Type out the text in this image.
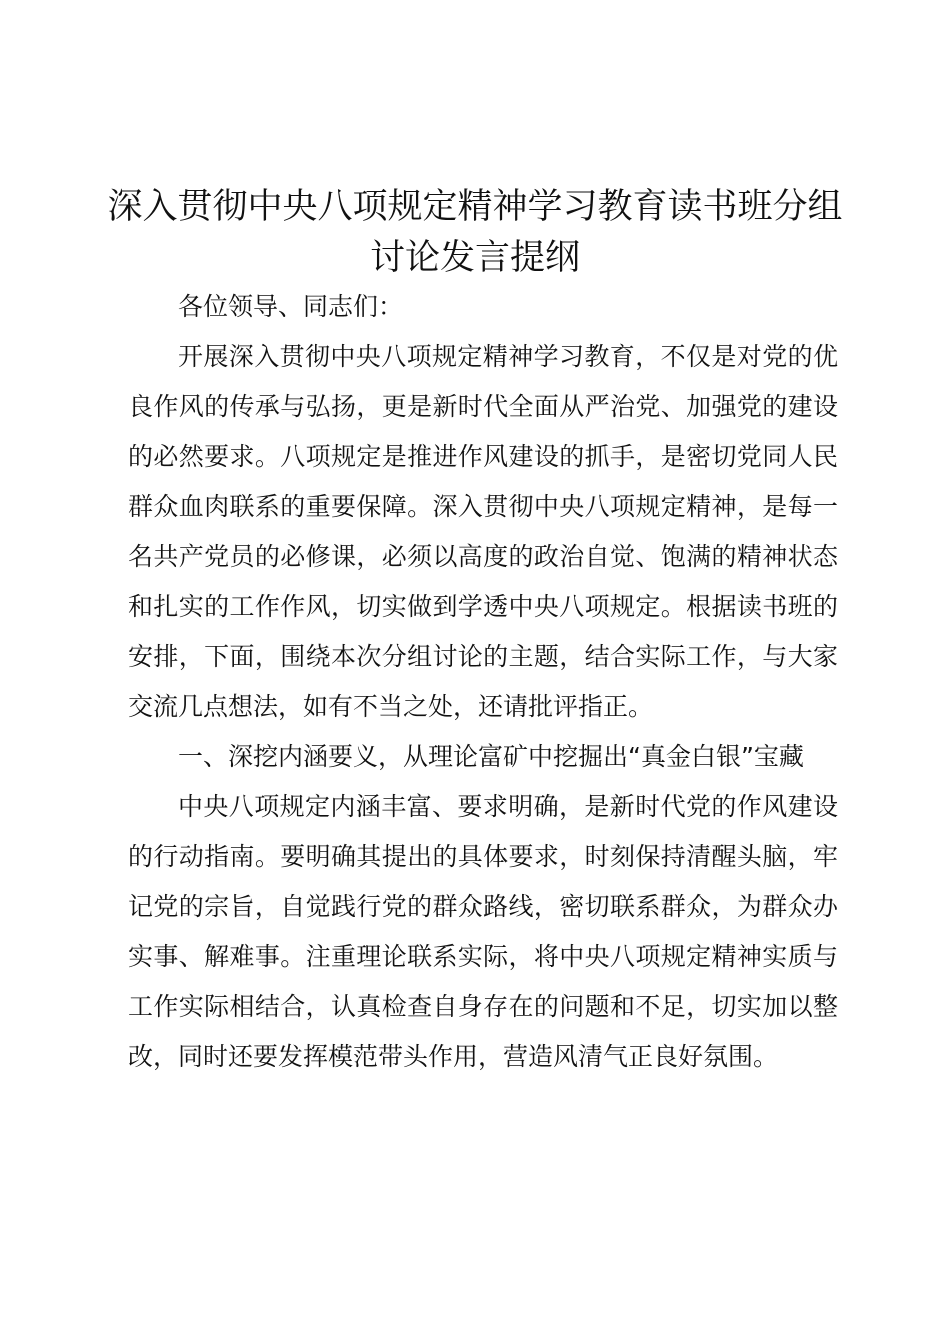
深入贯彻中央八项规定精神学习教育读书班分组讨论发言提纲

各位领导、同志们：

开展深入贯彻中央八项规定精神学习教育，不仅是对党的优良作风的传承与弘扬，更是新时代全面从严治党、加强党的建设的必然要求。八项规定是推进作风建设的抓手，是密切党同人民群众血肉联系的重要保障。深入贯彻中央八项规定精神，是每一名共产党员的必修课，必须以高度的政治自觉、饱满的精神状态和扎实的工作作风，切实做到学透中央八项规定。根据读书班的安排，下面，围绕本次分组讨论的主题，结合实际工作，与大家交流几点想法，如有不当之处，还请批评指正。

一、深挖内涵要义，从理论富矿中挖掘出“真金白银”宝藏

中央八项规定内涵丰富、要求明确，是新时代党的作风建设的行动指南。要明确其提出的具体要求，时刻保持清醒头脑，牢记党的宗旨，自觉践行党的群众路线，密切联系群众，为群众办实事、解难事。注重理论联系实际，将中央八项规定精神实质与工作实际相结合，认真检查自身存在的问题和不足，切实加以整改，同时还要发挥模范带头作用，营造风清气正良好氛围。
